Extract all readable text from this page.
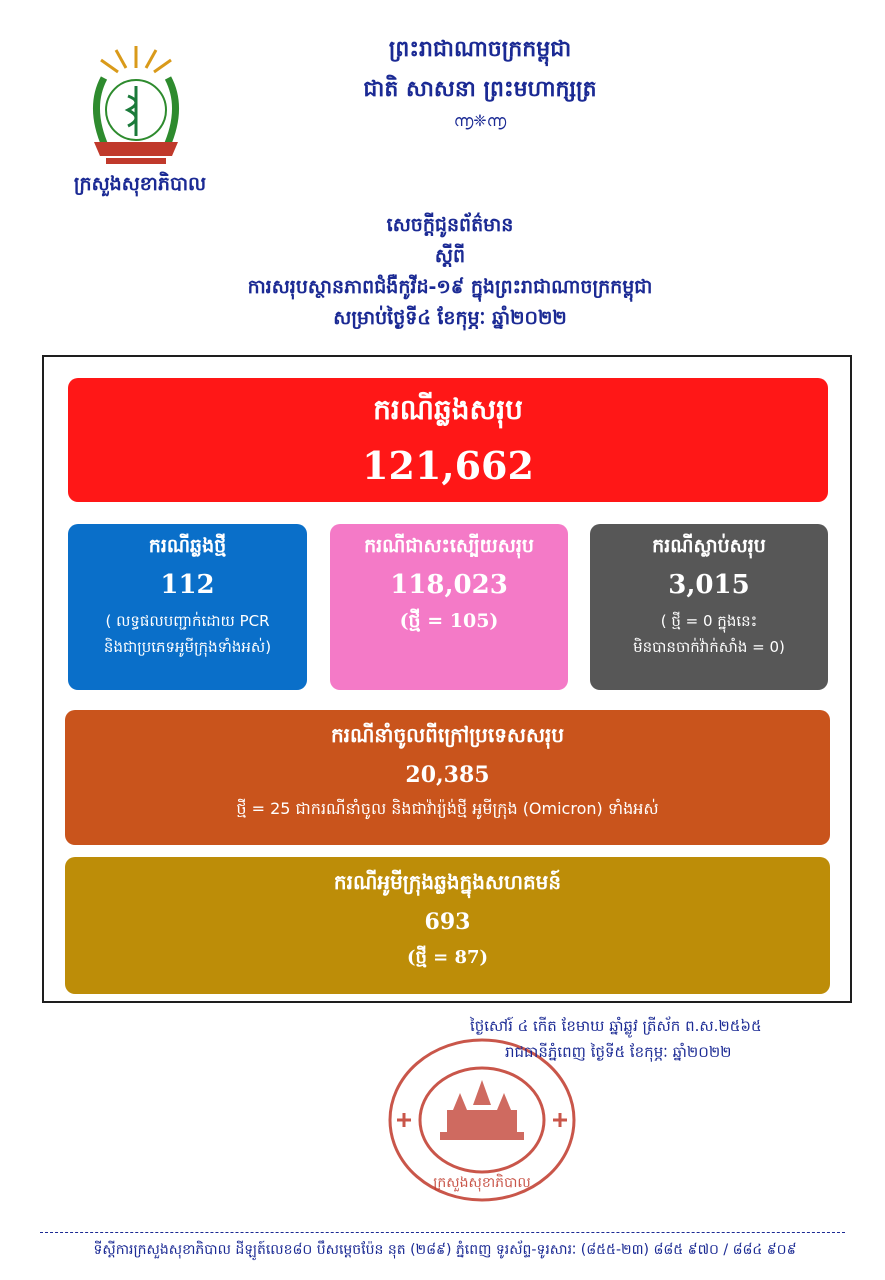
ព្រះរាជាណាចក្រកម្ពុជា
ជាតិ សាសនា ព្រះមហាក្សត្រ
൬❈൬
ក្រសួងសុខាភិបាល
សេចក្តីជូនព័ត៌មាន
ស្តីពី
ការសរុបស្ថានភាពជំងឺកូវីដ-១៩ ក្នុងព្រះរាជាណាចក្រកម្ពុជា
សម្រាប់ថ្ងៃទី៤ ខែកុម្ភៈ ឆ្នាំ២០២២
ករណីឆ្លងសរុប
121,662
ករណីឆ្លងថ្មី
112
( លទ្ធផលបញ្ជាក់ដោយ PCR
និងជាប្រភេទអូមីក្រុងទាំងអស់)
ករណីជាសះស្បើយសរុប
118,023
(ថ្មី = 105)
ករណីស្លាប់សរុប
3,015
( ថ្មី = 0 ក្នុងនេះ
មិនបានចាក់វ៉ាក់សាំង = 0)
ករណីនាំចូលពីក្រៅប្រទេសសរុប
20,385
ថ្មី = 25 ជាករណីនាំចូល និងជាវ៉ារ្យ៉ង់ថ្មី អូមីក្រុង (Omicron) ទាំងអស់
ករណីអូមីក្រុងឆ្លងក្នុងសហគមន៍
693
(ថ្មី = 87)
ក្រសួងសុខាភិបាល
ថ្ងៃសៅរ៍ ៤ កើត ខែមាឃ ឆ្នាំឆ្លូវ ត្រីស័ក ព.ស.២៥៦៥
រាជធានីភ្នំពេញ ថ្ងៃទី៥ ខែកុម្ភៈ ឆ្នាំ២០២២
ទីស្តីការក្រសួងសុខាភិបាល ដីឡូត៍លេខ៨០ បឹសម្តេចប៉ែន នុត (២៨៩) ភ្នំពេញ ទូរស័ព្ទ-ទូរសារៈ (៨៥៥-២៣) ៨៨៥ ៩៧០ / ៨៨៤ ៩០៩
